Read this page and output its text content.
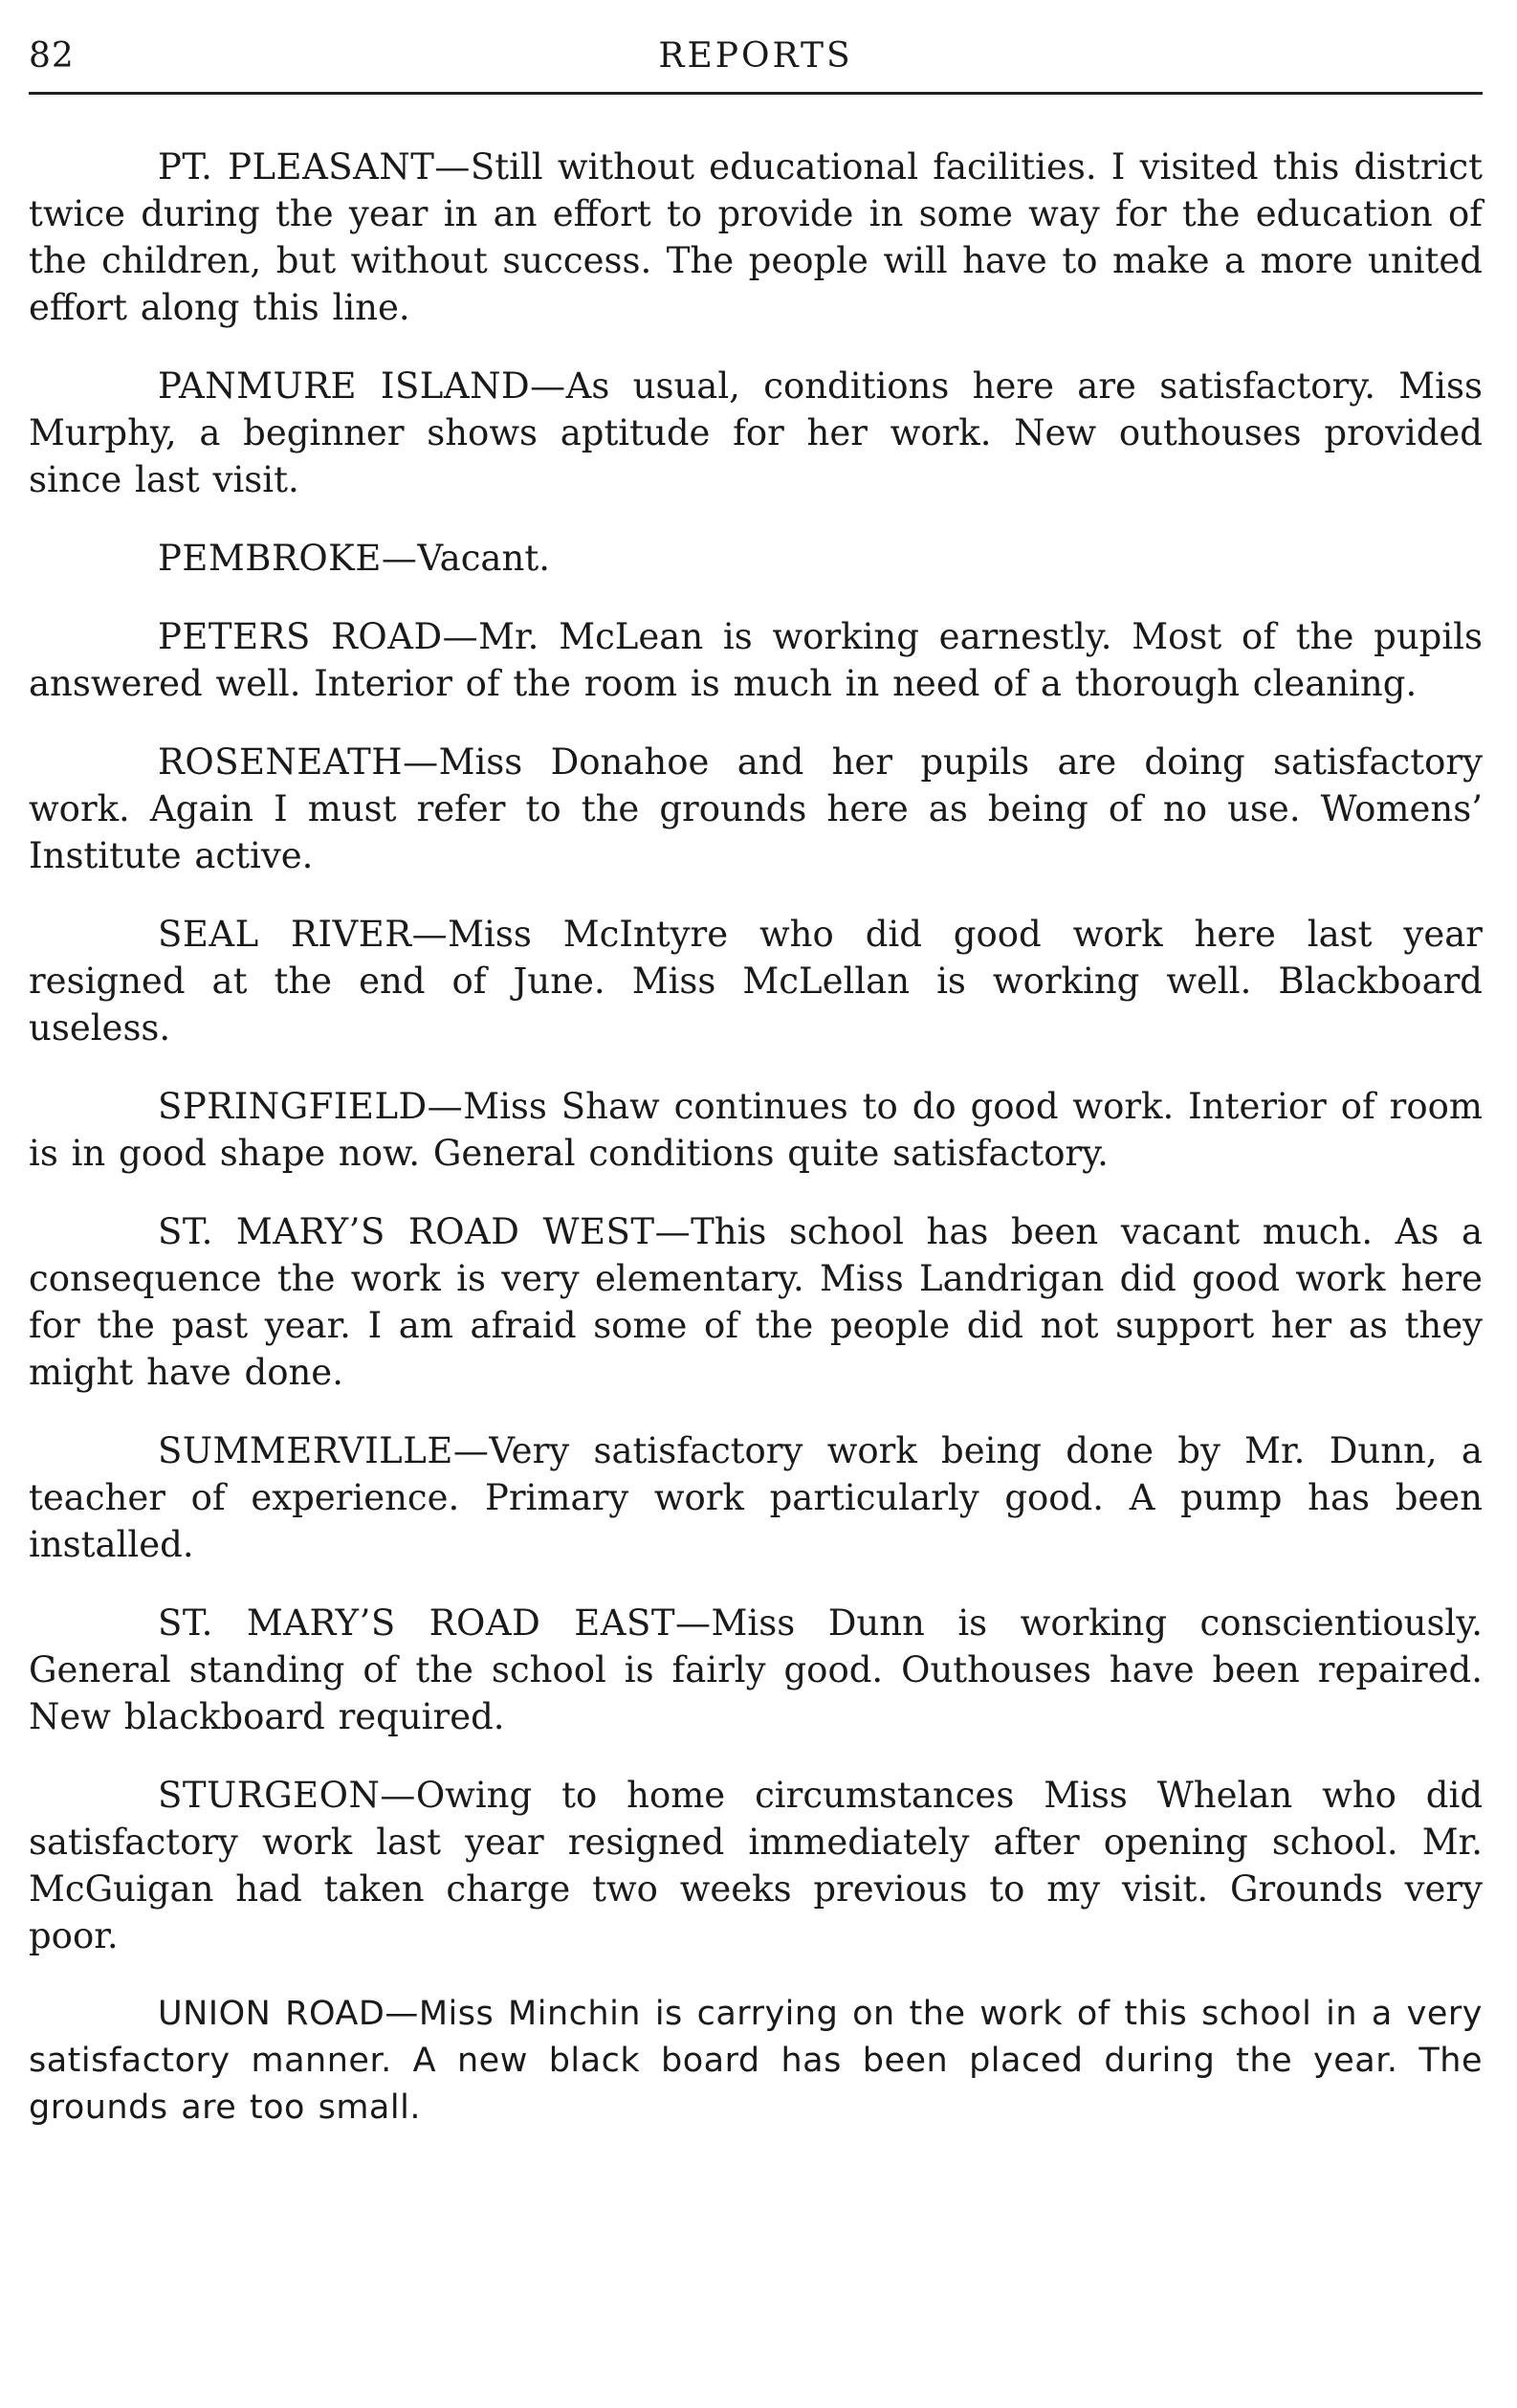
82	REPORTS

PT. PLEASANT—Still without educational facilities. I visited this district twice during the year in an effort to provide in some way for the education of the children, but without success. The people will have to make a more united effort along this line.

PANMURE ISLAND—As usual, conditions here are satisfactory. Miss Murphy, a beginner shows aptitude for her work. New outhouses provided since last visit.

PEMBROKE—Vacant.

PETERS ROAD—Mr. McLean is working earnestly. Most of the pupils answered well. Interior of the room is much in need of a thorough cleaning.

ROSENEATH—Miss Donahoe and her pupils are doing satisfactory work. Again I must refer to the grounds here as being of no use. Womens’ Institute active.

SEAL RIVER—Miss McIntyre who did good work here last year resigned at the end of June. Miss McLellan is working well. Blackboard useless.

SPRINGFIELD—Miss Shaw continues to do good work. Interior of room is in good shape now. General conditions quite satisfactory.

ST. MARY’S ROAD WEST—This school has been vacant much. As a consequence the work is very elementary. Miss Landrigan did good work here for the past year. I am afraid some of the people did not support her as they might have done.

SUMMERVILLE—Very satisfactory work being done by Mr. Dunn, a teacher of experience. Primary work particularly good. A pump has been installed.

ST. MARY’S ROAD EAST—Miss Dunn is working conscientiously. General standing of the school is fairly good. Outhouses have been repaired. New blackboard required.

STURGEON—Owing to home circumstances Miss Whelan who did satisfactory work last year resigned immediately after opening school. Mr. McGuigan had taken charge two weeks previous to my visit. Grounds very poor.

UNION ROAD—Miss Minchin is carrying on the work of this school in a very satisfactory manner. A new black board has been placed during the year. The grounds are too small.
